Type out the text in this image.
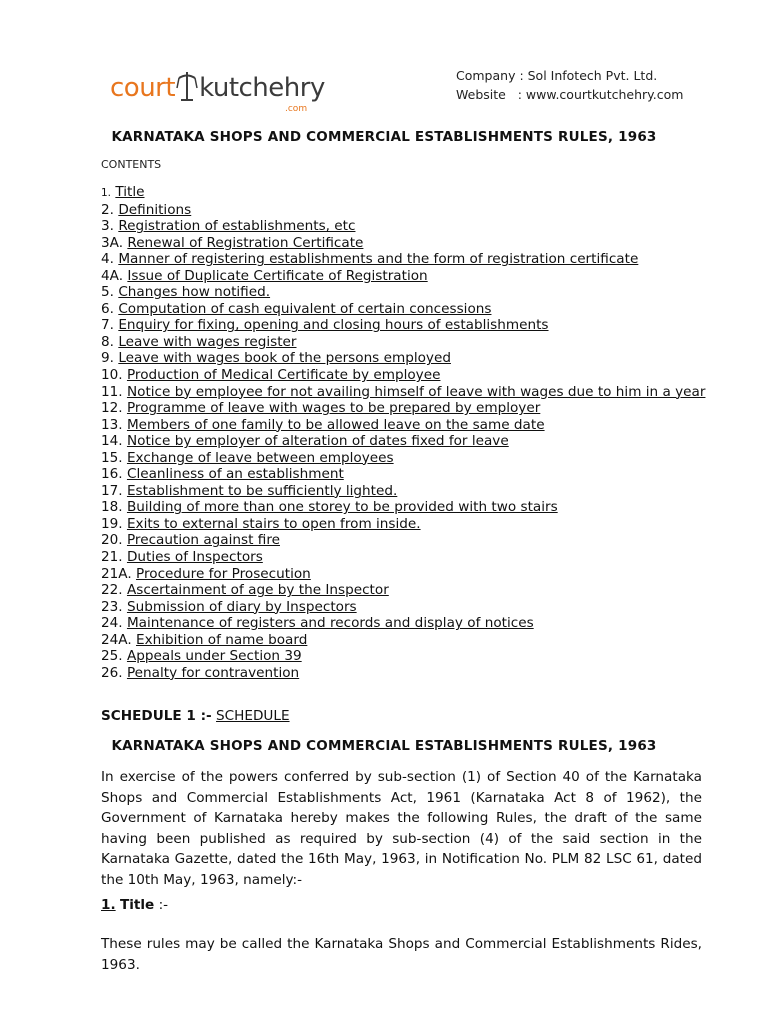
court kutchehry
.com
Company : Sol Infotech Pvt. Ltd.
Website   : www.courtkutchehry.com
KARNATAKA SHOPS AND COMMERCIAL ESTABLISHMENTS RULES, 1963
CONTENTS
1. Title
2. Definitions
3. Registration of establishments, etc
3A. Renewal of Registration Certificate
4. Manner of registering establishments and the form of registration certificate
4A. Issue of Duplicate Certificate of Registration
5. Changes how notified.
6. Computation of cash equivalent of certain concessions
7. Enquiry for fixing, opening and closing hours of establishments
8. Leave with wages register
9. Leave with wages book of the persons employed
10. Production of Medical Certificate by employee
11. Notice by employee for not availing himself of leave with wages due to him in a year
12. Programme of leave with wages to be prepared by employer
13. Members of one family to be allowed leave on the same date
14. Notice by employer of alteration of dates fixed for leave
15. Exchange of leave between employees
16. Cleanliness of an establishment
17. Establishment to be sufficiently lighted.
18. Building of more than one storey to be provided with two stairs
19. Exits to external stairs to open from inside.
20. Precaution against fire
21. Duties of Inspectors
21A. Procedure for Prosecution
22. Ascertainment of age by the Inspector
23. Submission of diary by Inspectors
24. Maintenance of registers and records and display of notices
24A. Exhibition of name board
25. Appeals under Section 39
26. Penalty for contravention
SCHEDULE 1 :- SCHEDULE
KARNATAKA SHOPS AND COMMERCIAL ESTABLISHMENTS RULES, 1963

In exercise of the powers conferred by sub-section (1) of Section 40 of the Karnataka Shops and Commercial Establishments Act, 1961 (Karnataka Act 8 of 1962), the Government of Karnataka hereby makes the following Rules, the draft of the same having been published as required by sub-section (4) of the said section in the Karnataka Gazette, dated the 16th May, 1963, in Notification No. PLM 82 LSC 61, dated the 10th May, 1963, namely:-

1. Title :-

These rules may be called the Karnataka Shops and Commercial Establishments Rides, 1963.
